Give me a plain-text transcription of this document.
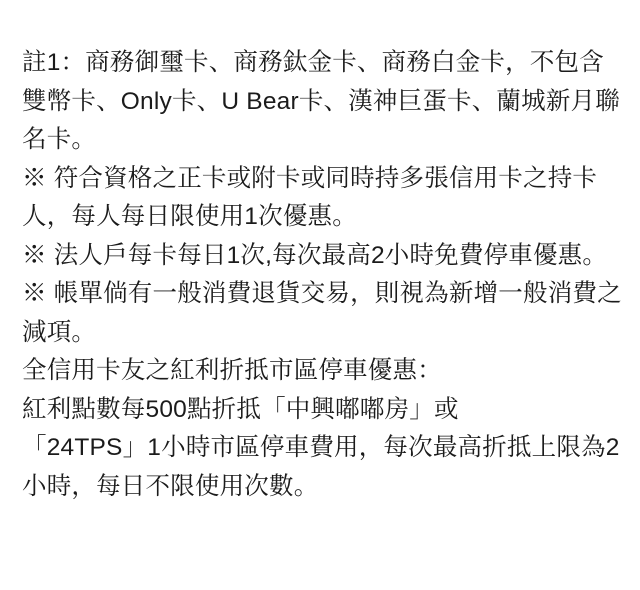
註1：商務御璽卡、商務鈦金卡、商務白金卡，不包含雙幣卡、Only卡、U Bear卡、漢神巨蛋卡、蘭城新月聯名卡。

※ 符合資格之正卡或附卡或同時持多張信用卡之持卡人，每人每日限使用1次優惠。

※ 法人戶每卡每日1次,每次最高2小時免費停車優惠。

※ 帳單倘有一般消費退貨交易，則視為新增一般消費之減項。

全信用卡友之紅利折抵市區停車優惠：

紅利點數每500點折抵「中興嘟嘟房」或

「24TPS」1小時市區停車費用，每次最高折抵上限為2小時，每日不限使用次數。
